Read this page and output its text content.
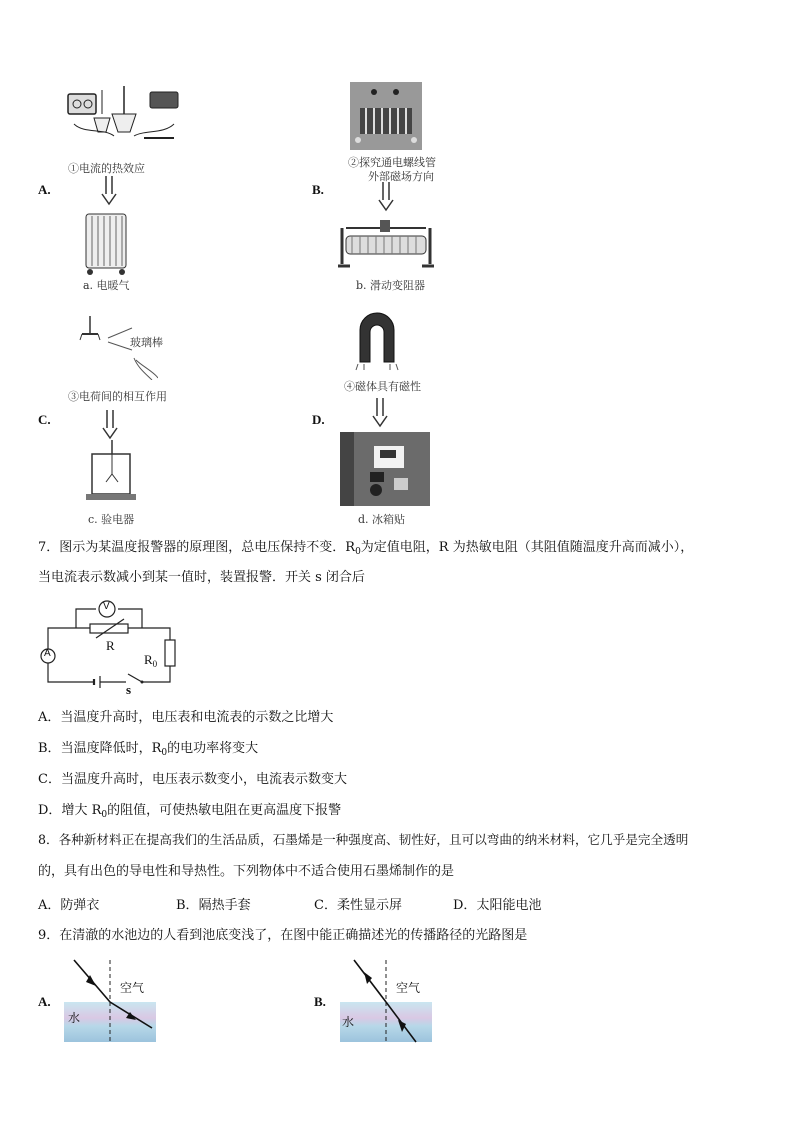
①电流的热效应
A.
a. 电暖气
②探究通电螺线管
外部磁场方向
B.
b. 滑动变阻器
玻璃棒
③电荷间的相互作用
C.
c. 验电器
④磁体具有磁性
D.
d. 冰箱贴
7．图示为某温度报警器的原理图，总电压保持不变．$R_0$为定值电阻，R 为热敏电阻（其阻值随温度升高而减小），
当电流表示数减小到某一值时，装置报警．开关 s 闭合后
V
A
R
$R_0$
s
A．当温度升高时，电压表和电流表的示数之比增大
B．当温度降低时，$R_0$的电功率将变大
C．当温度升高时，电压表示数变小，电流表示数变大
D．增大 $R_0$的阻值，可使热敏电阻在更高温度下报警
8．各种新材料正在提高我们的生活品质，石墨烯是一种强度高、韧性好，且可以弯曲的纳米材料，它几乎是完全透明
的，具有出色的导电性和导热性。下列物体中不适合使用石墨烯制作的是
A．防弹衣	B．隔热手套	C．柔性显示屏	D．太阳能电池
9．在清澈的水池边的人看到池底变浅了，在图中能正确描述光的传播路径的光路图是
A.
空气
水
B.
空气
水
